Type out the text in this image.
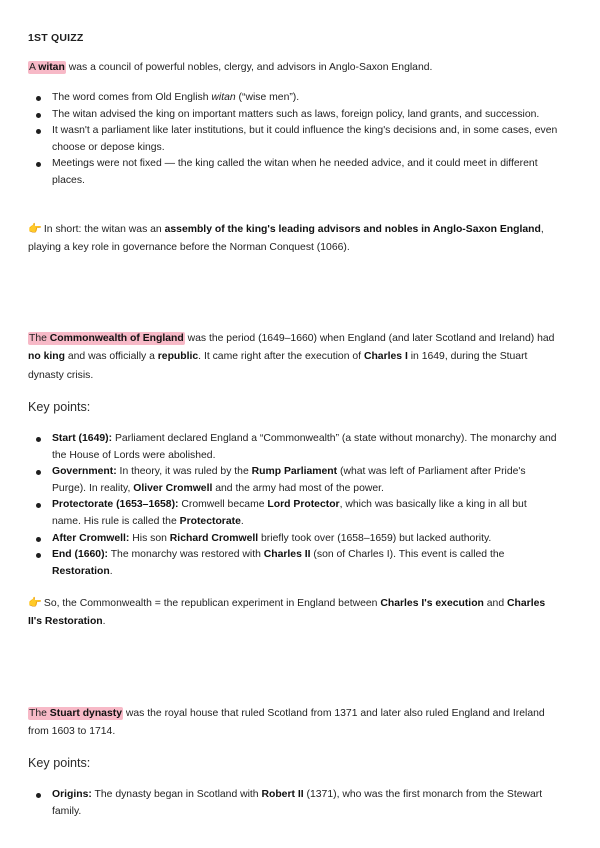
1ST QUIZZ

A witan was a council of powerful nobles, clergy, and advisors in Anglo-Saxon England.

The word comes from Old English witan (“wise men”).
The witan advised the king on important matters such as laws, foreign policy, land grants, and succession.
It wasn't a parliament like later institutions, but it could influence the king's decisions and, in some cases, even choose or depose kings.
Meetings were not fixed — the king called the witan when he needed advice, and it could meet in different places.

👉 In short: the witan was an assembly of the king's leading advisors and nobles in Anglo-Saxon England, playing a key role in governance before the Norman Conquest (1066).

The Commonwealth of England was the period (1649–1660) when England (and later Scotland and Ireland) had no king and was officially a republic. It came right after the execution of Charles I in 1649, during the Stuart dynasty crisis.

Key points:
Start (1649): Parliament declared England a “Commonwealth” (a state without monarchy). The monarchy and the House of Lords were abolished.
Government: In theory, it was ruled by the Rump Parliament (what was left of Parliament after Pride's Purge). In reality, Oliver Cromwell and the army had most of the power.
Protectorate (1653–1658): Cromwell became Lord Protector, which was basically like a king in all but name. His rule is called the Protectorate.
After Cromwell: His son Richard Cromwell briefly took over (1658–1659) but lacked authority.
End (1660): The monarchy was restored with Charles II (son of Charles I). This event is called the Restoration.

👉 So, the Commonwealth = the republican experiment in England between Charles I's execution and Charles II's Restoration.

The Stuart dynasty was the royal house that ruled Scotland from 1371 and later also ruled England and Ireland from 1603 to 1714.

Key points:
Origins: The dynasty began in Scotland with Robert II (1371), who was the first monarch from the Stewart family.
